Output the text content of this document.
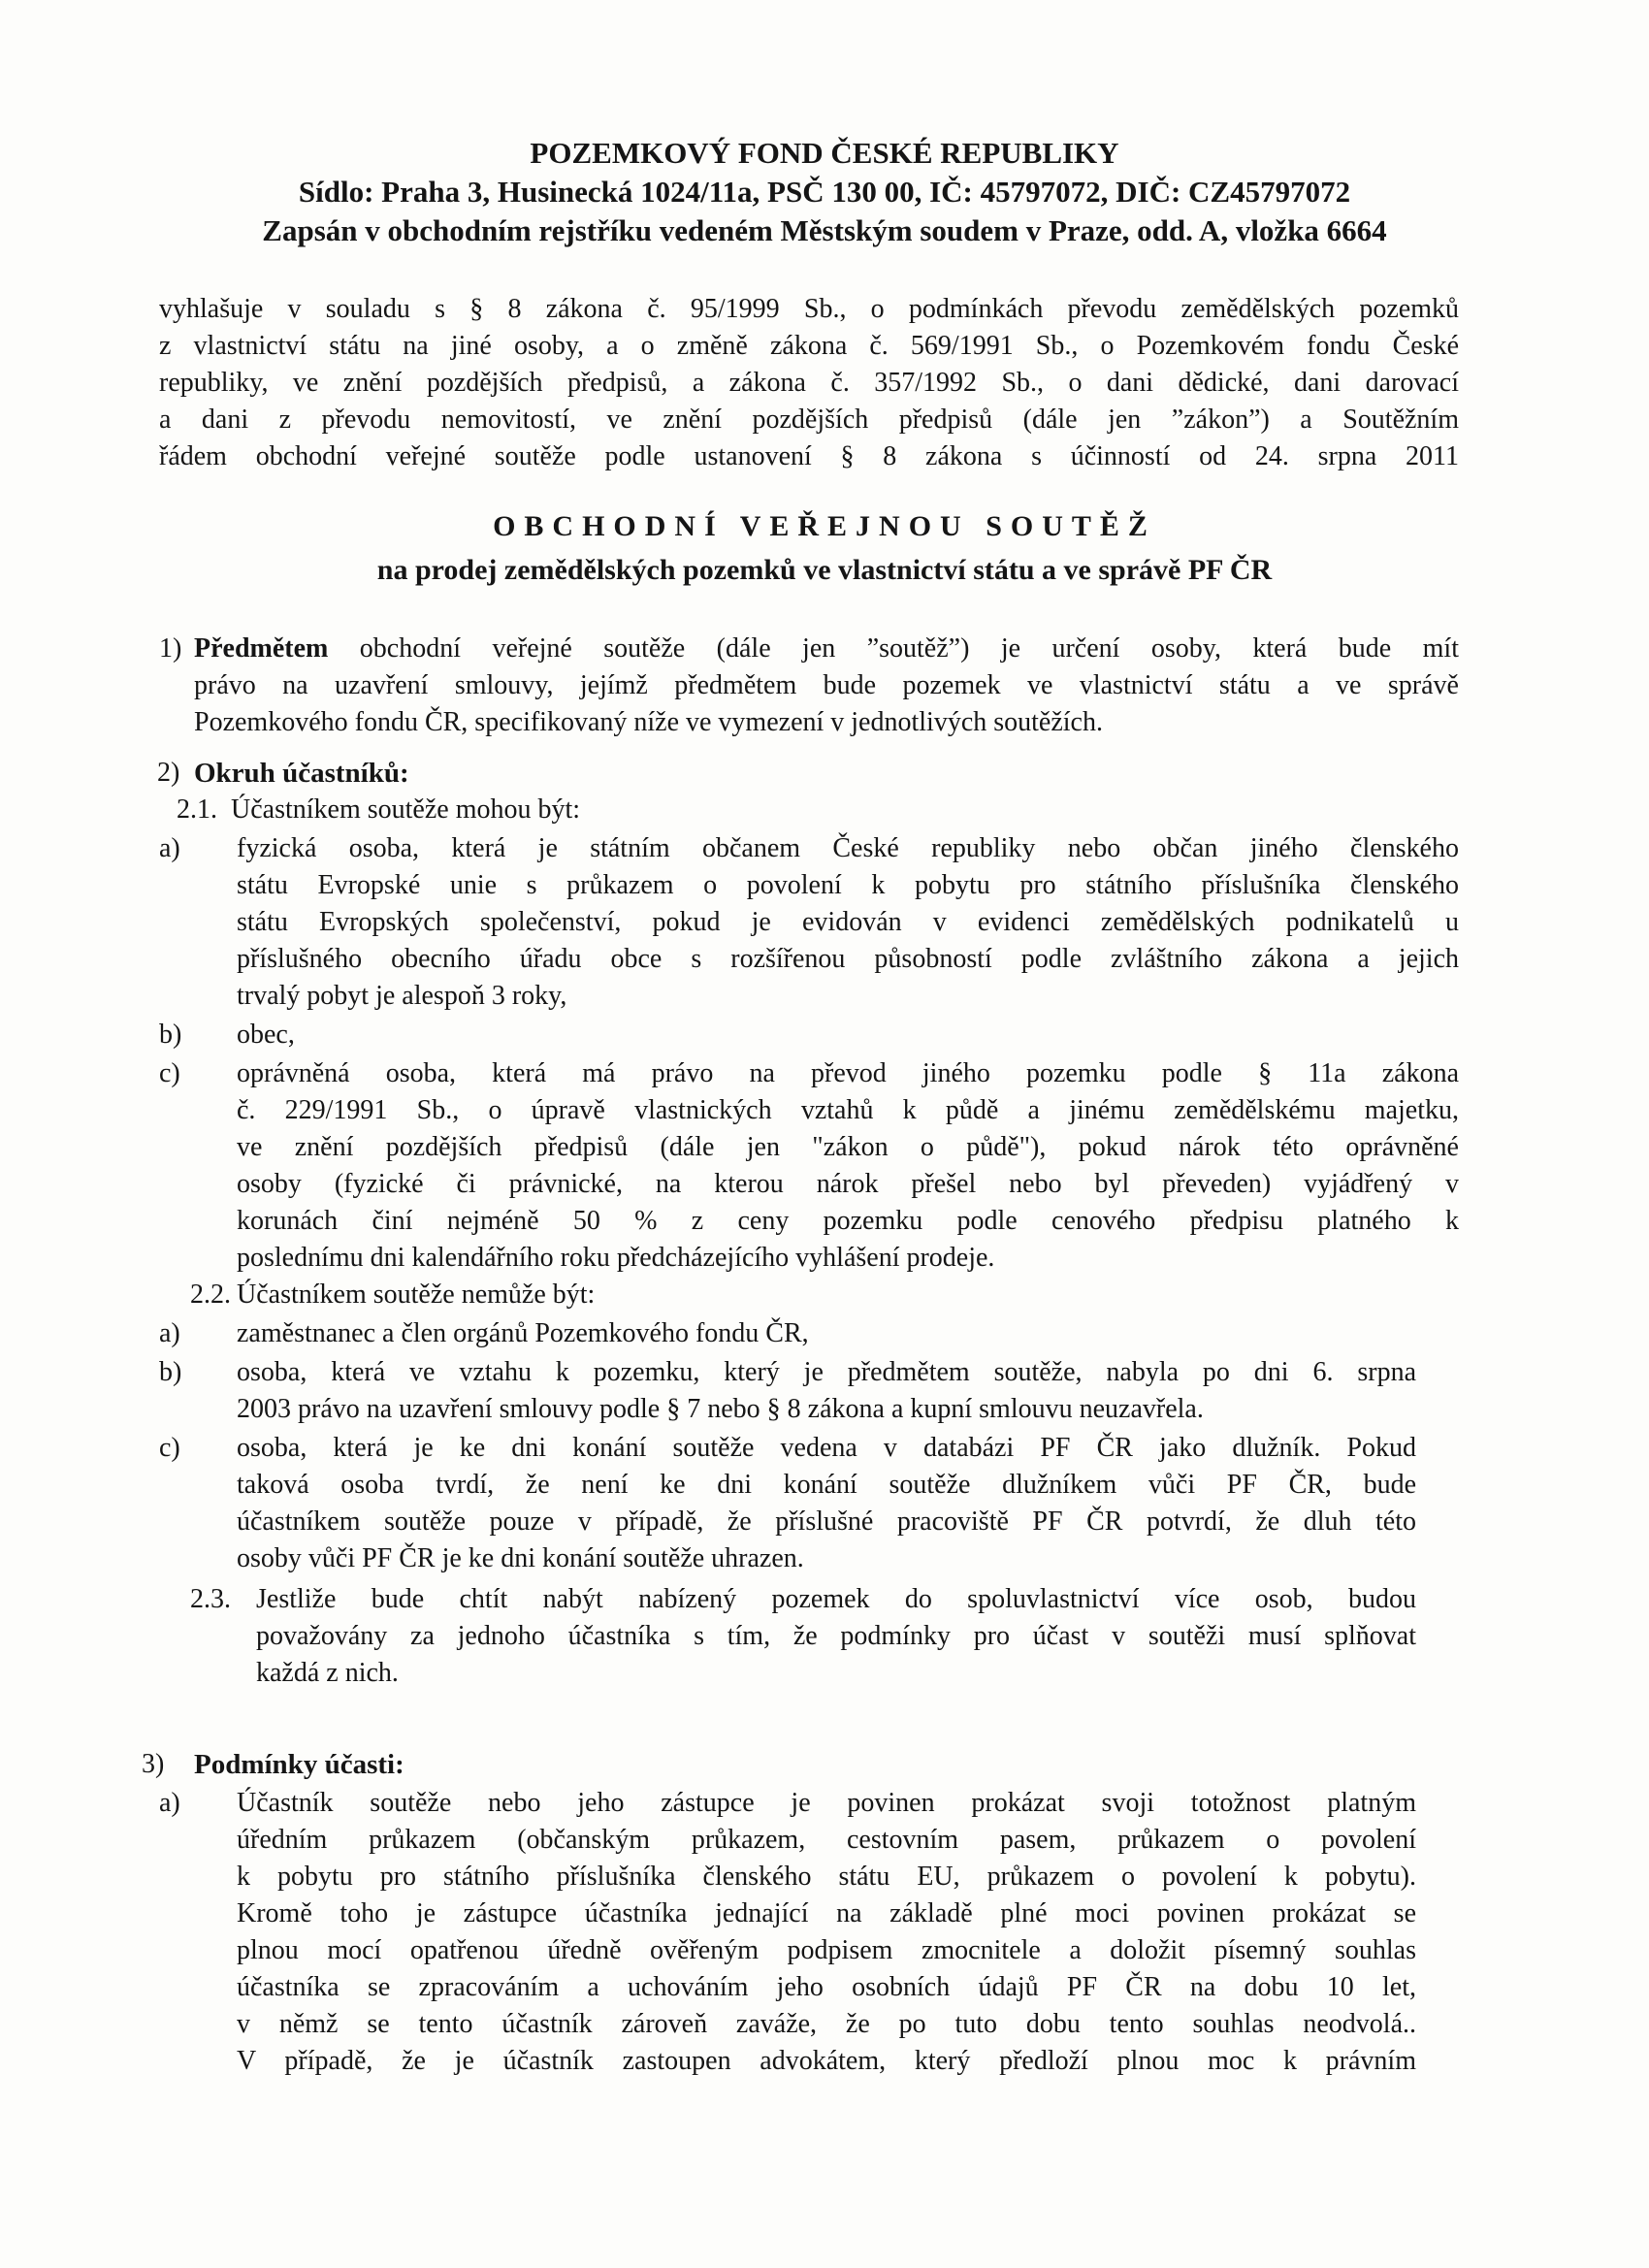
POZEMKOVÝ FOND ČESKÉ REPUBLIKY
Sídlo: Praha 3, Husinecká 1024/11a, PSČ 130 00, IČ: 45797072, DIČ: CZ45797072
Zapsán v obchodním rejstříku vedeném Městským soudem v Praze, odd. A, vložka 6664
vyhlašuje v souladu s § 8 zákona č. 95/1999 Sb., o podmínkách převodu zemědělských pozemků
z vlastnictví státu na jiné osoby, a o změně zákona č. 569/1991 Sb., o Pozemkovém fondu České
republiky, ve znění pozdějších předpisů, a zákona č. 357/1992 Sb., o dani dědické, dani darovací
a dani z převodu nemovitostí, ve znění pozdějších předpisů (dále jen ”zákon”) a Soutěžním
řádem obchodní veřejné soutěže podle ustanovení § 8 zákona s účinností od 24. srpna 2011
OBCHODNÍ VEŘEJNOU SOUTĚŽ
na prodej zemědělských pozemků ve vlastnictví státu a ve správě PF ČR
1) Předmětem obchodní veřejné soutěže (dále jen ”soutěž”) je určení osoby, která bude mít
právo na uzavření smlouvy, jejímž předmětem bude pozemek ve vlastnictví státu a ve správě
Pozemkového fondu ČR, specifikovaný níže ve vymezení v jednotlivých soutěžích.
2) Okruh účastníků:
2.1. Účastníkem soutěže mohou být:
a) fyzická osoba, která je státním občanem České republiky nebo občan jiného členského
státu Evropské unie s průkazem o povolení k pobytu pro státního příslušníka členského
státu Evropských společenství, pokud je evidován v evidenci zemědělských podnikatelů u
příslušného obecního úřadu obce s rozšířenou působností podle zvláštního zákona a jejich
trvalý pobyt je alespoň 3 roky,
b) obec,
c) oprávněná osoba, která má právo na převod jiného pozemku podle § 11a zákona
č. 229/1991 Sb., o úpravě vlastnických vztahů k půdě a jinému zemědělskému majetku,
ve znění pozdějších předpisů (dále jen "zákon o půdě"), pokud nárok této oprávněné
osoby (fyzické či právnické, na kterou nárok přešel nebo byl převeden) vyjádřený v
korunách činí nejméně 50 % z ceny pozemku podle cenového předpisu platného k
poslednímu dni kalendářního roku předcházejícího vyhlášení prodeje.
2.2. Účastníkem soutěže nemůže být:
a) zaměstnanec a člen orgánů Pozemkového fondu ČR,
b) osoba, která ve vztahu k pozemku, který je předmětem soutěže, nabyla po dni 6. srpna
2003 právo na uzavření smlouvy podle § 7 nebo § 8 zákona a kupní smlouvu neuzavřela.
c) osoba, která je ke dni konání soutěže vedena v databázi PF ČR jako dlužník. Pokud
taková osoba tvrdí, že není ke dni konání soutěže dlužníkem vůči PF ČR, bude
účastníkem soutěže pouze v případě, že příslušné pracoviště PF ČR potvrdí, že dluh této
osoby vůči PF ČR je ke dni konání soutěže uhrazen.
2.3. Jestliže bude chtít nabýt nabízený pozemek do spoluvlastnictví více osob, budou
považovány za jednoho účastníka s tím, že podmínky pro účast v soutěži musí splňovat
každá z nich.
3) Podmínky účasti:
a) Účastník soutěže nebo jeho zástupce je povinen prokázat svoji totožnost platným
úředním průkazem (občanským průkazem, cestovním pasem, průkazem o povolení
k pobytu pro státního příslušníka členského státu EU, průkazem o povolení k pobytu).
Kromě toho je zástupce účastníka jednající na základě plné moci povinen prokázat se
plnou mocí opatřenou úředně ověřeným podpisem zmocnitele a doložit písemný souhlas
účastníka se zpracováním a uchováním jeho osobních údajů PF ČR na dobu 10 let,
v němž se tento účastník zároveň zaváže, že po tuto dobu tento souhlas neodvolá..
V případě, že je účastník zastoupen advokátem, který předloží plnou moc k právním
